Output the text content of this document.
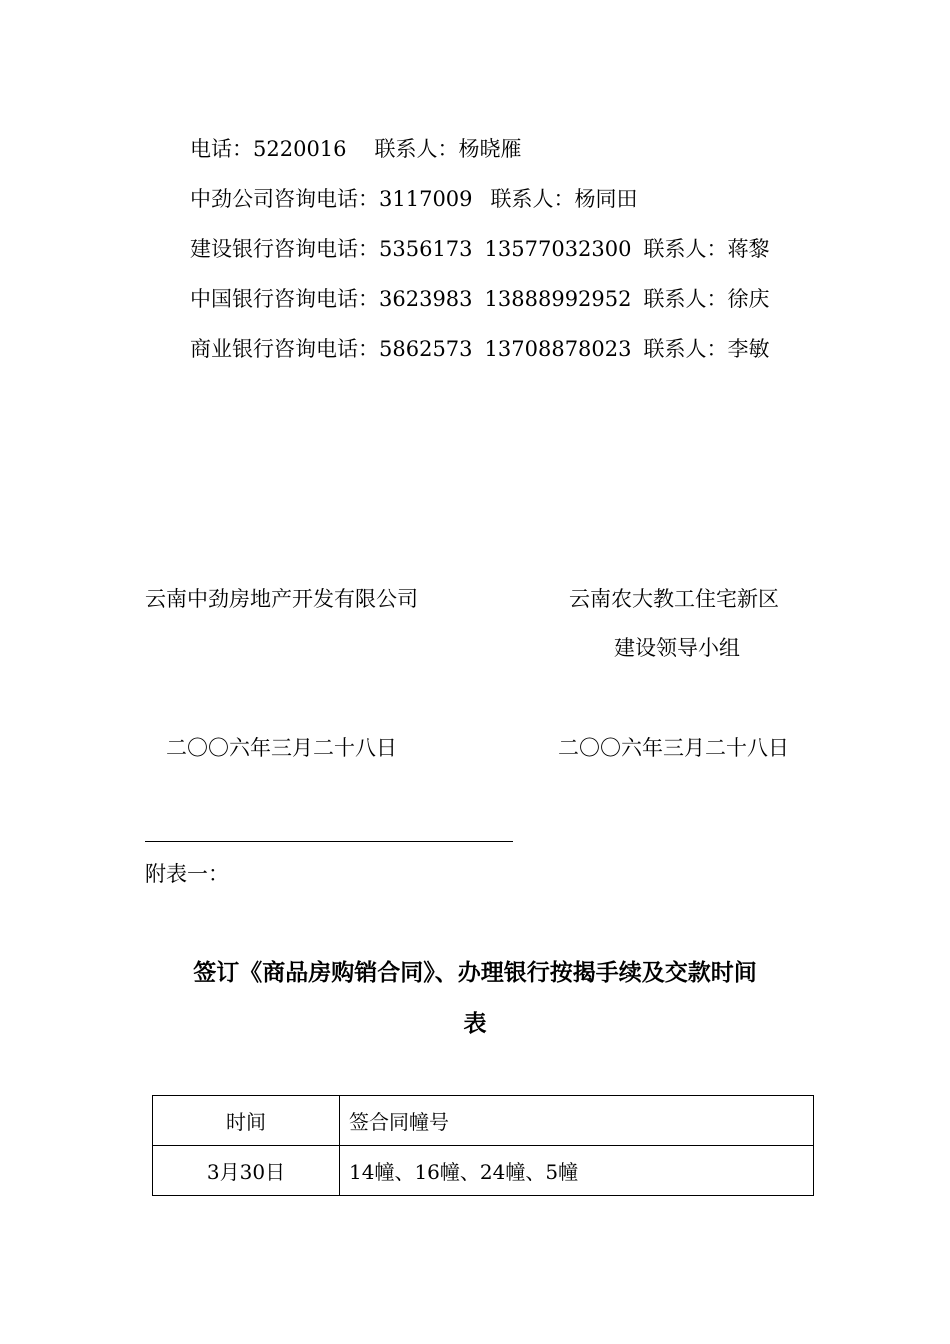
电话：5220016 联系人：杨晓雁
中劲公司咨询电话：3117009 联系人：杨同田
建设银行咨询电话：5356173 13577032300 联系人：蒋黎
中国银行咨询电话：3623983 13888992952 联系人：徐庆
商业银行咨询电话：5862573 13708878023 联系人：李敏
云南中劲房地产开发有限公司	云南农大教工住宅新区
建设领导小组
二〇〇六年三月二十八日	二〇〇六年三月二十八日
附表一：
签订《商品房购销合同》、办理银行按揭手续及交款时间
表
时间	签合同幢号
3月30日	14幢、16幢、24幢、5幢
